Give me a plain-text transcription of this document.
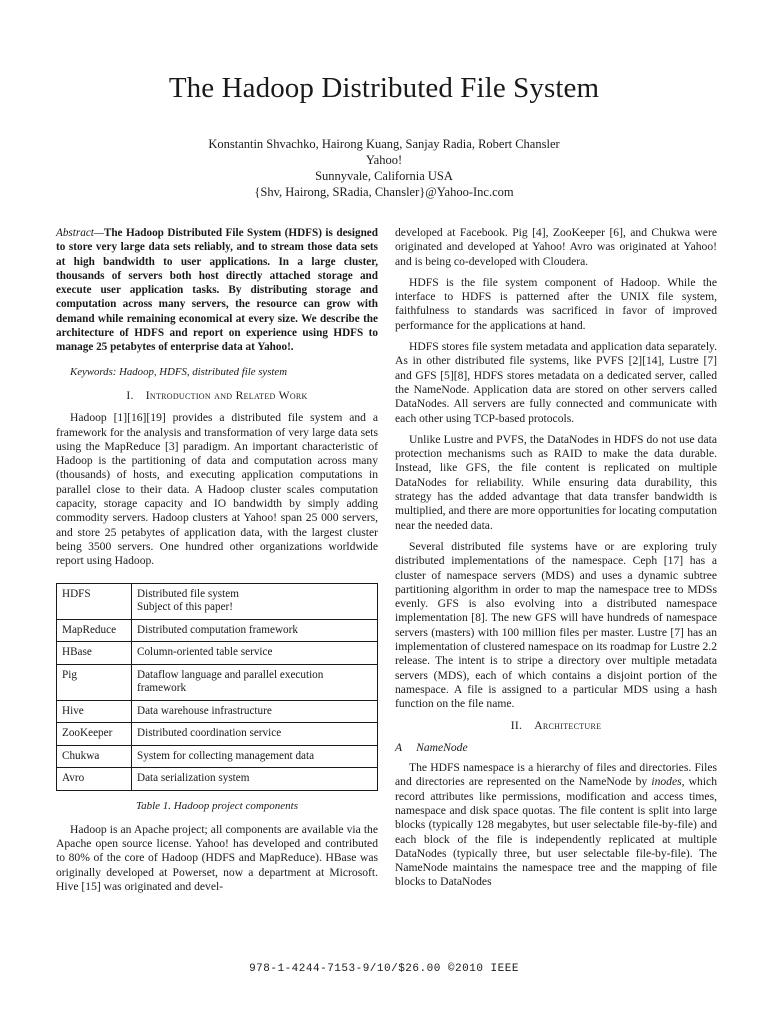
The Hadoop Distributed File System
Konstantin Shvachko, Hairong Kuang, Sanjay Radia, Robert Chansler
Yahoo!
Sunnyvale, California USA
{Shv, Hairong, SRadia, Chansler}@Yahoo-Inc.com

Abstract—The Hadoop Distributed File System (HDFS) is designed to store very large data sets reliably, and to stream those data sets at high bandwidth to user applications. In a large cluster, thousands of servers both host directly attached storage and execute user application tasks. By distributing storage and computation across many servers, the resource can grow with demand while remaining economical at every size. We describe the architecture of HDFS and report on experience using HDFS to manage 25 petabytes of enterprise data at Yahoo!.

Keywords: Hadoop, HDFS, distributed file system

I. Introduction and Related Work

Hadoop [1][16][19] provides a distributed file system and a framework for the analysis and transformation of very large data sets using the MapReduce [3] paradigm. An important characteristic of Hadoop is the partitioning of data and computation across many (thousands) of hosts, and executing application computations in parallel close to their data. A Hadoop cluster scales computation capacity, storage capacity and IO bandwidth by simply adding commodity servers. Hadoop clusters at Yahoo! span 25 000 servers, and store 25 petabytes of application data, with the largest cluster being 3500 servers. One hundred other organizations worldwide report using Hadoop.

HDFS	Distributed file system
Subject of this paper!

MapReduce	Distributed computation framework

HBase	Column-oriented table service

Pig	Dataflow language and parallel execution framework

Hive	Data warehouse infrastructure

ZooKeeper	Distributed coordination service

Chukwa	System for collecting management data

Avro	Data serialization system
Table 1. Hadoop project components

Hadoop is an Apache project; all components are available via the Apache open source license. Yahoo! has developed and contributed to 80% of the core of Hadoop (HDFS and MapReduce). HBase was originally developed at Powerset, now a department at Microsoft. Hive [15] was originated and devel-

developed at Facebook. Pig [4], ZooKeeper [6], and Chukwa were originated and developed at Yahoo! Avro was originated at Yahoo! and is being co-developed with Cloudera.

HDFS is the file system component of Hadoop. While the interface to HDFS is patterned after the UNIX file system, faithfulness to standards was sacrificed in favor of improved performance for the applications at hand.

HDFS stores file system metadata and application data separately. As in other distributed file systems, like PVFS [2][14], Lustre [7] and GFS [5][8], HDFS stores metadata on a dedicated server, called the NameNode. Application data are stored on other servers called DataNodes. All servers are fully connected and communicate with each other using TCP-based protocols.

Unlike Lustre and PVFS, the DataNodes in HDFS do not use data protection mechanisms such as RAID to make the data durable. Instead, like GFS, the file content is replicated on multiple DataNodes for reliability. While ensuring data durability, this strategy has the added advantage that data transfer bandwidth is multiplied, and there are more opportunities for locating computation near the needed data.

Several distributed file systems have or are exploring truly distributed implementations of the namespace. Ceph [17] has a cluster of namespace servers (MDS) and uses a dynamic subtree partitioning algorithm in order to map the namespace tree to MDSs evenly. GFS is also evolving into a distributed namespace implementation [8]. The new GFS will have hundreds of namespace servers (masters) with 100 million files per master. Lustre [7] has an implementation of clustered namespace on its roadmap for Lustre 2.2 release. The intent is to stripe a directory over multiple metadata servers (MDS), each of which contains a disjoint portion of the namespace. A file is assigned to a particular MDS using a hash function on the file name.

II. Architecture
A NameNode

The HDFS namespace is a hierarchy of files and directories. Files and directories are represented on the NameNode by inodes, which record attributes like permissions, modification and access times, namespace and disk space quotas. The file content is split into large blocks (typically 128 megabytes, but user selectable file-by-file) and each block of the file is independently replicated at multiple DataNodes (typically three, but user selectable file-by-file). The NameNode maintains the namespace tree and the mapping of file blocks to DataNodes

978-1-4244-7153-9/10/$26.00 ©2010 IEEE
